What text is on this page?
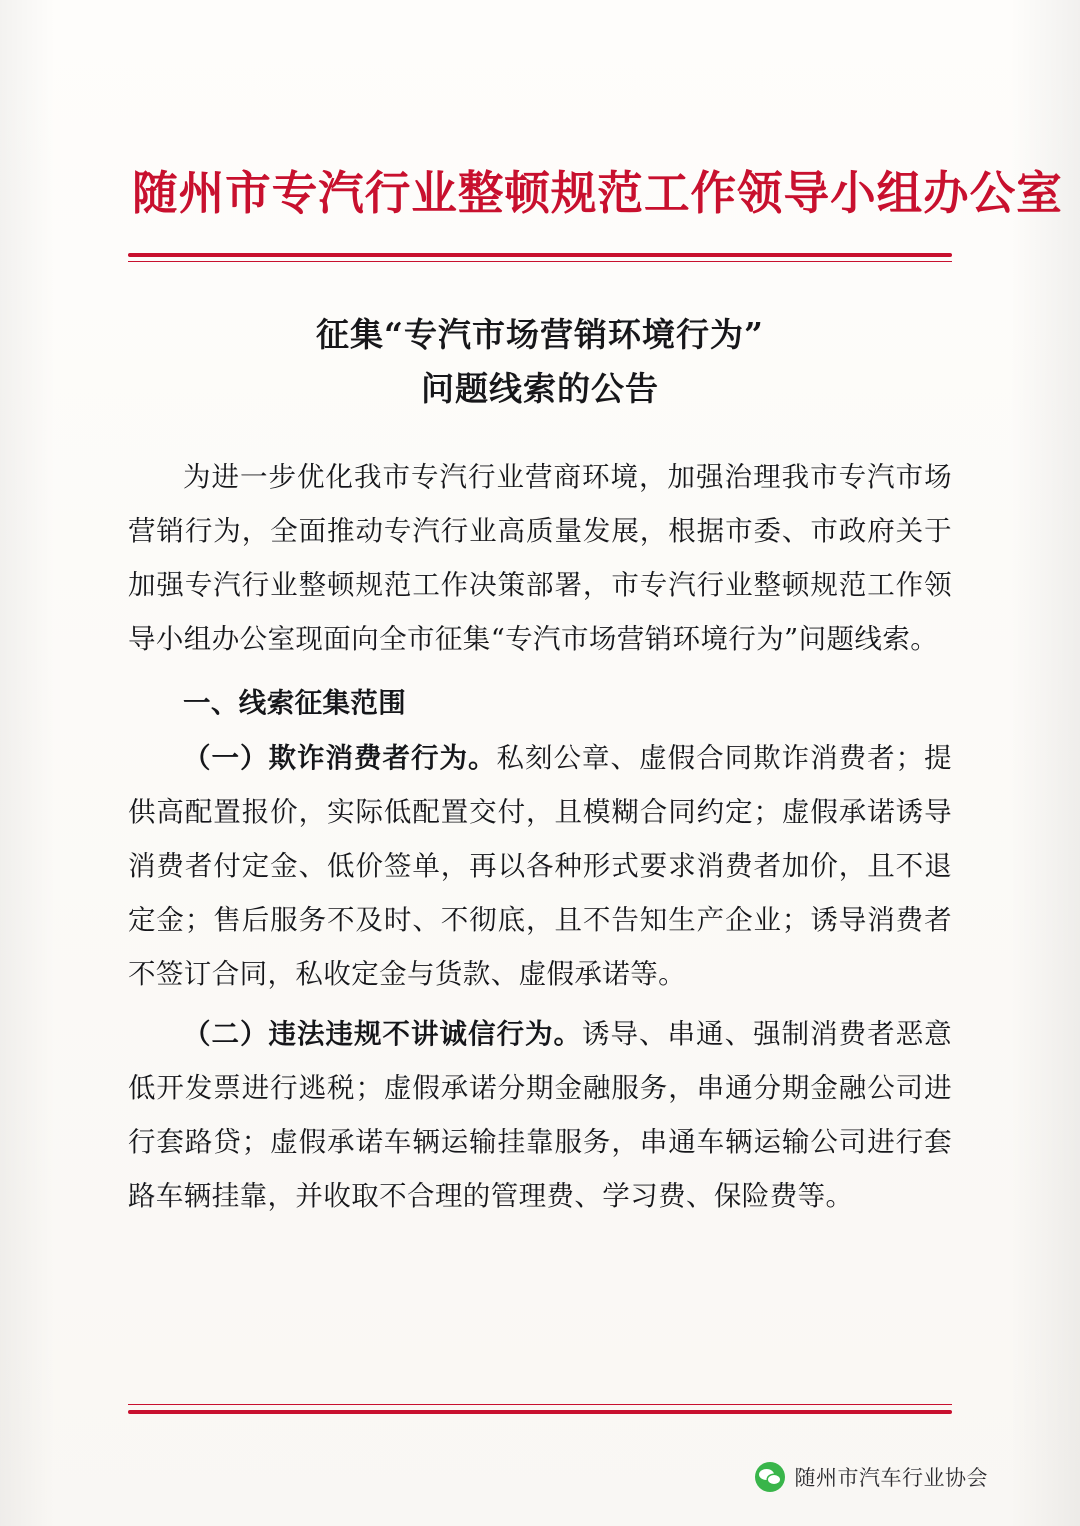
随州市专汽行业整顿规范工作领导小组办公室
征集“专汽市场营销环境行为”
问题线索的公告

为进一步优化我市专汽行业营商环境，加强治理我市专汽市场营销行为，全面推动专汽行业高质量发展，根据市委、市政府关于加强专汽行业整顿规范工作决策部署，市专汽行业整顿规范工作领导小组办公室现面向全市征集“专汽市场营销环境行为”问题线索。

一、线索征集范围

（一）欺诈消费者行为。私刻公章、虚假合同欺诈消费者；提供高配置报价，实际低配置交付，且模糊合同约定；虚假承诺诱导消费者付定金、低价签单，再以各种形式要求消费者加价，且不退定金；售后服务不及时、不彻底，且不告知生产企业；诱导消费者不签订合同，私收定金与货款、虚假承诺等。

（二）违法违规不讲诚信行为。诱导、串通、强制消费者恶意低开发票进行逃税；虚假承诺分期金融服务，串通分期金融公司进行套路贷；虚假承诺车辆运输挂靠服务，串通车辆运输公司进行套路车辆挂靠，并收取不合理的管理费、学习费、保险费等。

随州市汽车行业协会
